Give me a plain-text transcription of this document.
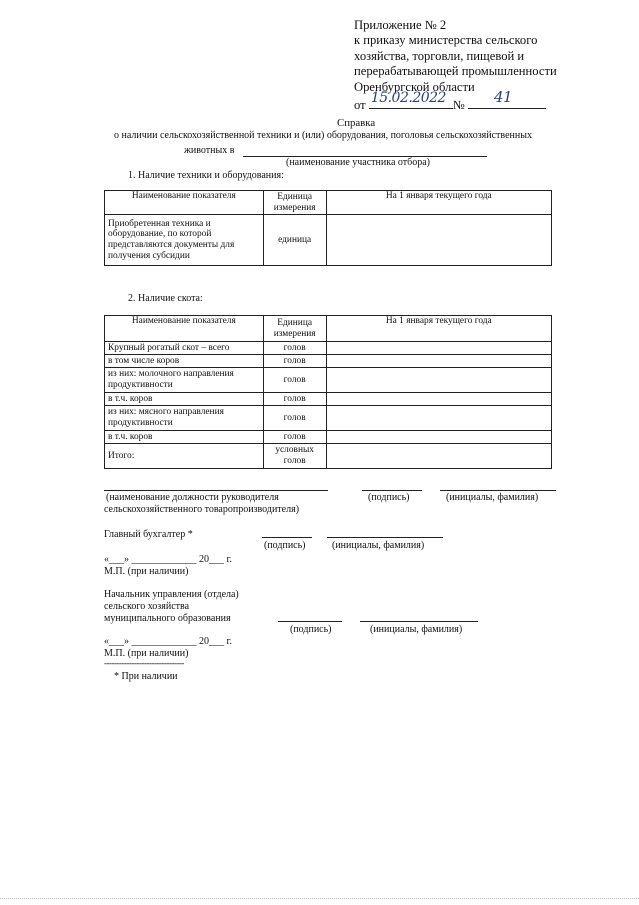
Приложение № 2
к приказу министерства сельского
хозяйства, торговли, пищевой и
перерабатывающей промышленности
Оренбургской области
от 15.02.2022 № 41
Справка
о наличии сельскохозяйственной техники и (или) оборудования, поголовья сельскохозяйственных
животных в
(наименование участника отбора)
1. Наличие техники и оборудования:
Наименование показателя	Единица измерения	На 1 января текущего года
Приобретенная техника и оборудование, по которой представляются документы для получения субсидии	единица	
2. Наличие скота:
Наименование показателя	Единица измерения	На 1 января текущего года
Крупный рогатый скот – всего	голов	
в том числе коров	голов	
из них: молочного направления продуктивности	голов	
в т.ч. коров	голов	
из них: мясного направления продуктивности	голов	
в т.ч. коров	голов	
Итого:	условных голов	
(наименование должности руководителя
сельскохозяйственного товаропроизводителя)
(подпись)	(инициалы, фамилия)
Главный бухгалтер *
(подпись)	(инициалы, фамилия)
«___» _____________ 20___ г.
М.П. (при наличии)
Начальник управления (отдела)
сельского хозяйства
муниципального образования
(подпись)	(инициалы, фамилия)
«___» _____________ 20___ г.
М.П. (при наличии)
--------------------------------
* При наличии
